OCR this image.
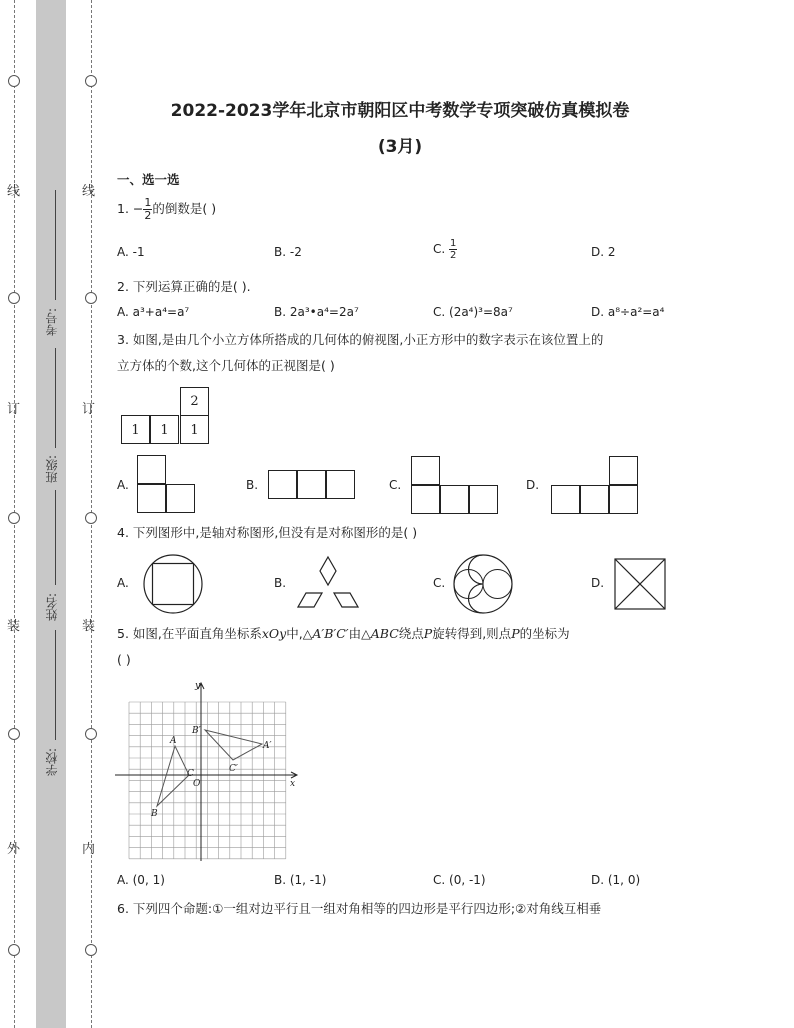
线
订
装
外
线
订
装
内
考号:
班级:
姓名:
学校:
2022-2023学年北京市朝阳区中考数学专项突破仿真模拟卷
(3月)
一、选一选
1. − $\frac{1}{2}$ 的倒数是( )
A. -1	B. -2	C. $\frac{1}{2}$	D. 2
2. 下列运算正确的是( ).
A. a³+a⁴=a⁷	B. 2a³•a⁴=2a⁷	C. (2a⁴)³=8a⁷	D. a⁸÷a²=a⁴
3. 如图,是由几个小立方体所搭成的几何体的俯视图,小正方形中的数字表示在该位置上的
立方体的个数,这个几何体的正视图是( )
2
1	1	1
A.	B.	C.	D.
4. 下列图形中,是轴对称图形,但没有是对称图形的是( )
A.	B.	C.	D.
5. 如图,在平面直角坐标系xOy中,△A′B′C′由△ABC绕点P旋转得到,则点P的坐标为
( )
y
x
O
A
B
C
A′
B′
C′
A. (0, 1)	B. (1, -1)	C. (0, -1)	D. (1, 0)
6. 下列四个命题:①一组对边平行且一组对角相等的四边形是平行四边形;②对角线互相垂
